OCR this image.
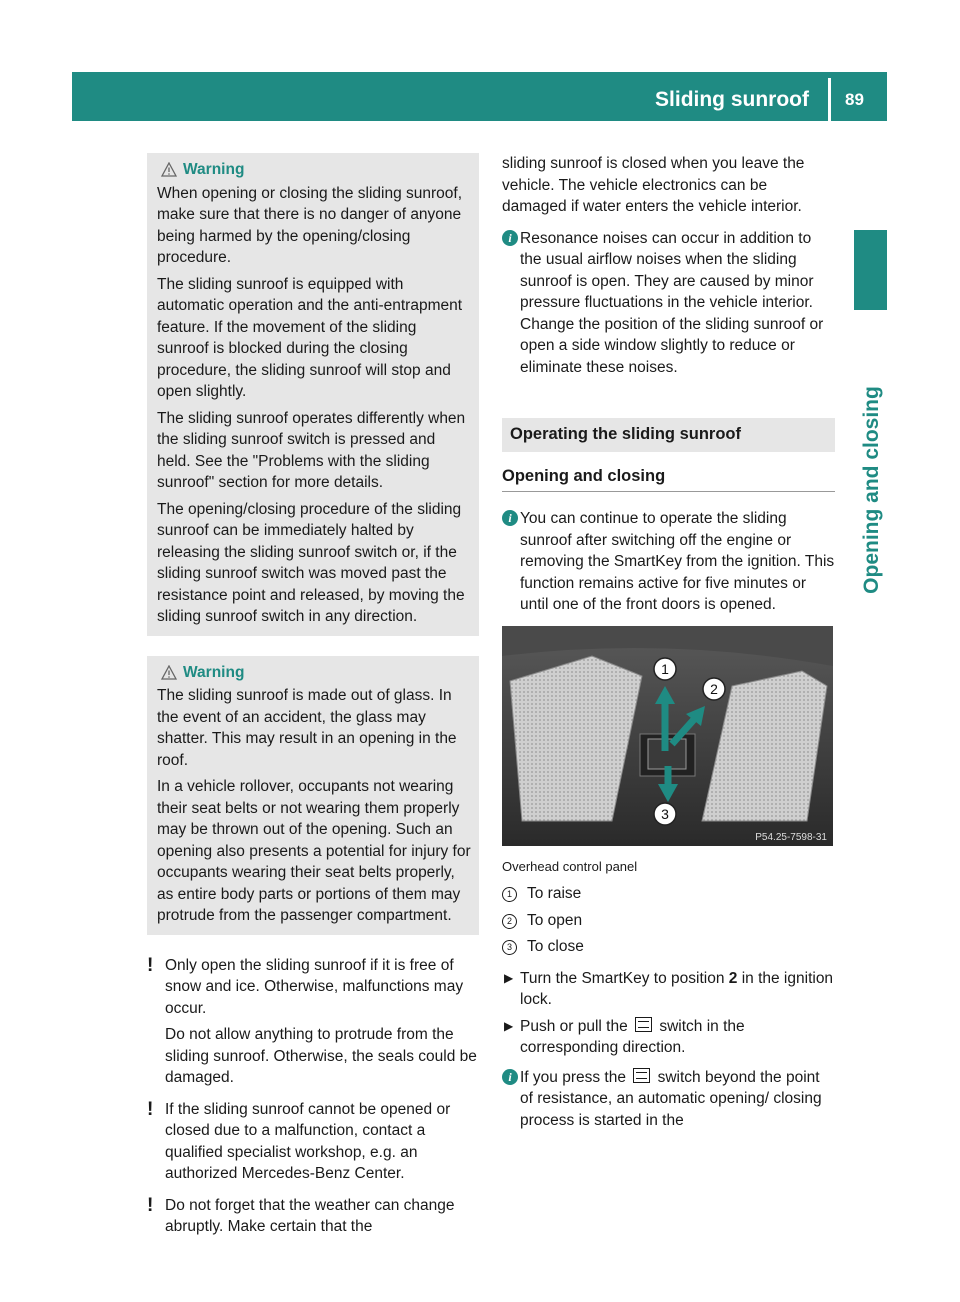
Sliding sunroof 89
Opening and closing
Warning

When opening or closing the sliding sunroof, make sure that there is no danger of anyone being harmed by the opening/closing procedure.

The sliding sunroof is equipped with automatic operation and the anti-entrapment feature. If the movement of the sliding sunroof is blocked during the closing procedure, the sliding sunroof will stop and open slightly.

The sliding sunroof operates differently when the sliding sunroof switch is pressed and held. See the "Problems with the sliding sunroof" section for more details.

The opening/closing procedure of the sliding sunroof can be immediately halted by releasing the sliding sunroof switch or, if the sliding sunroof switch was moved past the resistance point and released, by moving the sliding sunroof switch in any direction.

Warning

The sliding sunroof is made out of glass. In the event of an accident, the glass may shatter. This may result in an opening in the roof.

In a vehicle rollover, occupants not wearing their seat belts or not wearing them properly may be thrown out of the opening. Such an opening also presents a potential for injury for occupants wearing their seat belts properly, as entire body parts or portions of them may protrude from the passenger compartment.

! Only open the sliding sunroof if it is free of snow and ice. Otherwise, malfunctions may occur.

Do not allow anything to protrude from the sliding sunroof. Otherwise, the seals could be damaged.

! If the sliding sunroof cannot be opened or closed due to a malfunction, contact a qualified specialist workshop, e.g. an authorized Mercedes-Benz Center.

! Do not forget that the weather can change abruptly. Make certain that the

sliding sunroof is closed when you leave the vehicle. The vehicle electronics can be damaged if water enters the vehicle interior.

i Resonance noises can occur in addition to the usual airflow noises when the sliding sunroof is open. They are caused by minor pressure fluctuations in the vehicle interior. Change the position of the sliding sunroof or open a side window slightly to reduce or eliminate these noises.
Operating the sliding sunroof
Opening and closing
i You can continue to operate the sliding sunroof after switching off the engine or removing the SmartKey from the ignition. This function remains active for five minutes or until one of the front doors is opened.
1
2
3
P54.25-7598-31
Overhead control panel
1 To raise
2 To open
3 To close
▶ Turn the SmartKey to position 2 in the ignition lock.
▶ Push or pull the  switch in the corresponding direction.
i If you press the  switch beyond the point of resistance, an automatic opening/ closing process is started in the
